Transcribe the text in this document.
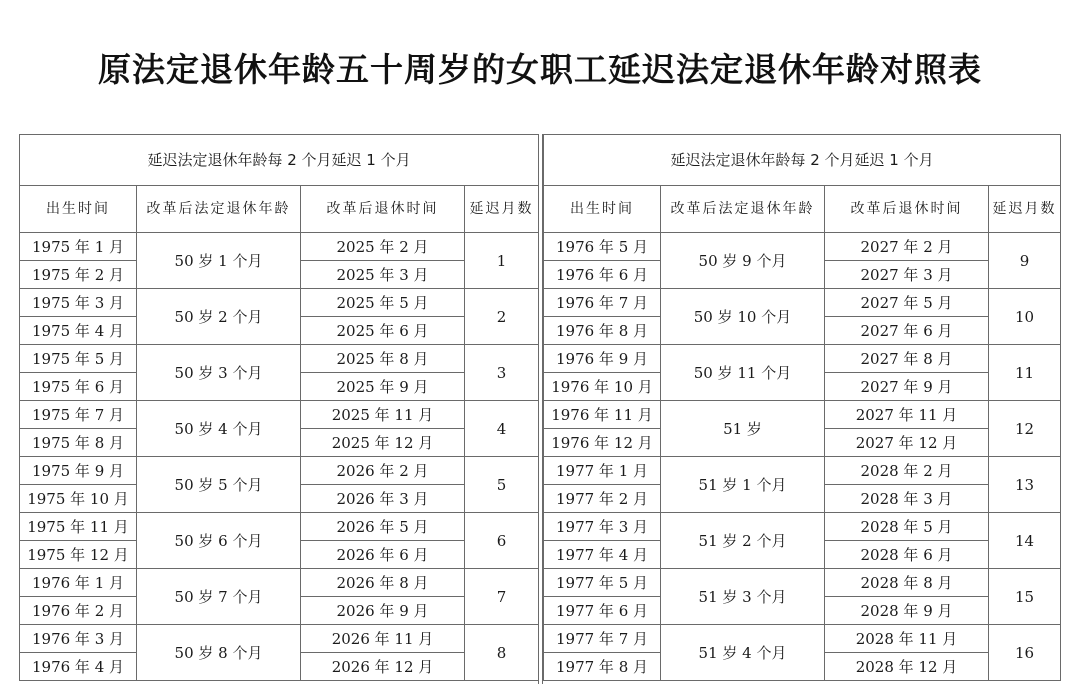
原法定退休年龄五十周岁的女职工延迟法定退休年龄对照表
延迟法定退休年龄每 2 个月延迟 1 个月			
出生时间	改革后法定退休年龄	改革后退休时间	延迟月数
1975 年 1 月	50 岁 1 个月	2025 年 2 月	1
1975 年 2 月		2025 年 3 月	
1975 年 3 月	50 岁 2 个月	2025 年 5 月	2
1975 年 4 月		2025 年 6 月	
1975 年 5 月	50 岁 3 个月	2025 年 8 月	3
1975 年 6 月		2025 年 9 月	
1975 年 7 月	50 岁 4 个月	2025 年 11 月	4
1975 年 8 月		2025 年 12 月	
1975 年 9 月	50 岁 5 个月	2026 年 2 月	5
1975 年 10 月		2026 年 3 月	
1975 年 11 月	50 岁 6 个月	2026 年 5 月	6
1975 年 12 月		2026 年 6 月	
1976 年 1 月	50 岁 7 个月	2026 年 8 月	7
1976 年 2 月		2026 年 9 月	
1976 年 3 月	50 岁 8 个月	2026 年 11 月	8
1976 年 4 月		2026 年 12 月	
延迟法定退休年龄每 2 个月延迟 1 个月			
出生时间	改革后法定退休年龄	改革后退休时间	延迟月数
1976 年 5 月	50 岁 9 个月	2027 年 2 月	9
1976 年 6 月		2027 年 3 月	
1976 年 7 月	50 岁 10 个月	2027 年 5 月	10
1976 年 8 月		2027 年 6 月	
1976 年 9 月	50 岁 11 个月	2027 年 8 月	11
1976 年 10 月		2027 年 9 月	
1976 年 11 月	51 岁	2027 年 11 月	12
1976 年 12 月		2027 年 12 月	
1977 年 1 月	51 岁 1 个月	2028 年 2 月	13
1977 年 2 月		2028 年 3 月	
1977 年 3 月	51 岁 2 个月	2028 年 5 月	14
1977 年 4 月		2028 年 6 月	
1977 年 5 月	51 岁 3 个月	2028 年 8 月	15
1977 年 6 月		2028 年 9 月	
1977 年 7 月	51 岁 4 个月	2028 年 11 月	16
1977 年 8 月		2028 年 12 月	
